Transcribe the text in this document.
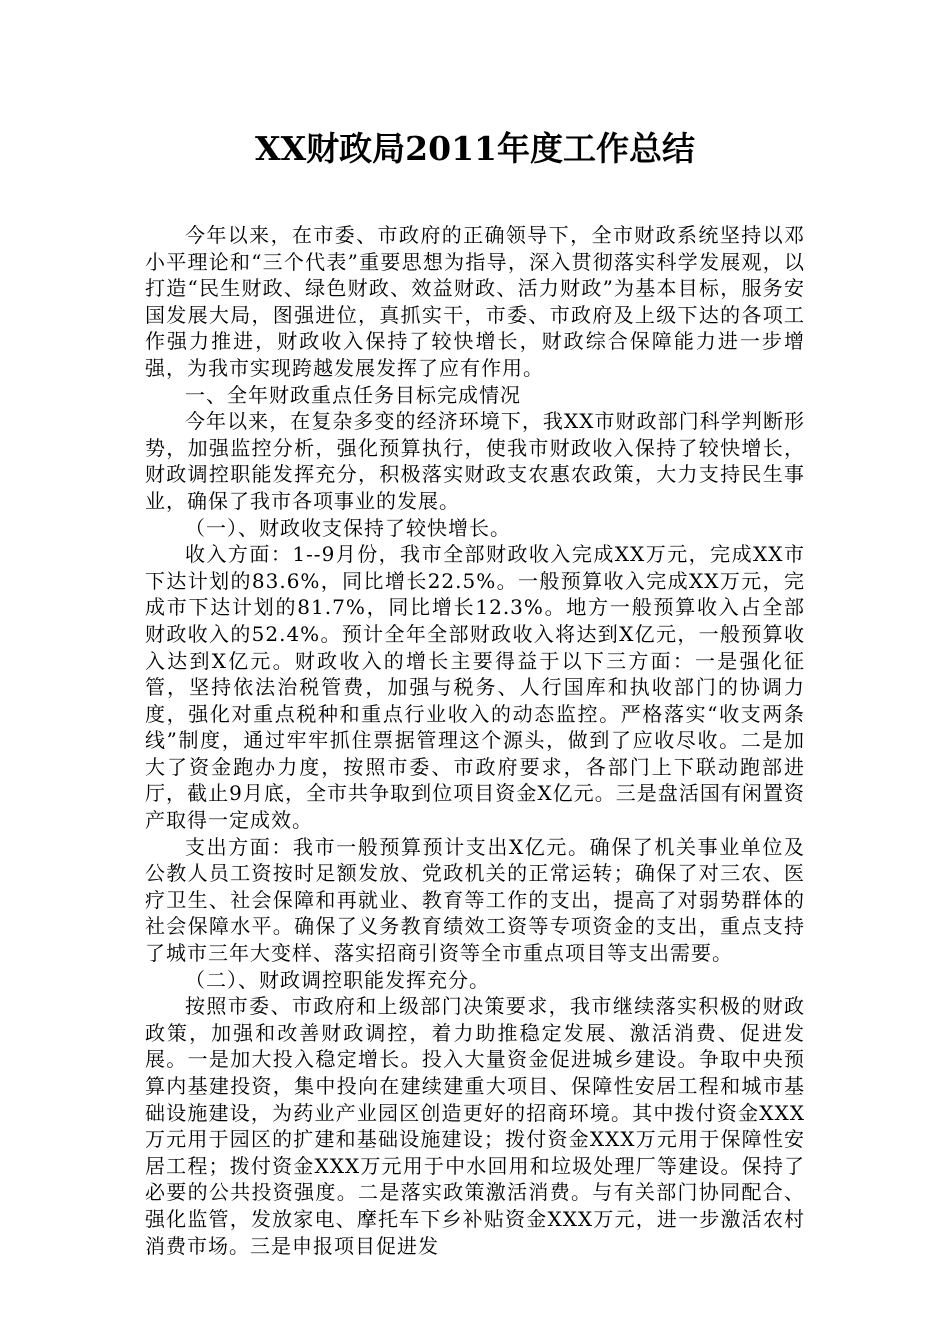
XX财政局2011年度工作总结

今年以来，在市委、市政府的正确领导下，全市财政系统坚持以邓小平理论和“三个代表”重要思想为指导，深入贯彻落实科学发展观，以打造“民生财政、绿色财政、效益财政、活力财政”为基本目标，服务安国发展大局，图强进位，真抓实干，市委、市政府及上级下达的各项工作强力推进，财政收入保持了较快增长，财政综合保障能力进一步增强，为我市实现跨越发展发挥了应有作用。

一、全年财政重点任务目标完成情况

今年以来，在复杂多变的经济环境下，我XX市财政部门科学判断形势，加强监控分析，强化预算执行，使我市财政收入保持了较快增长，财政调控职能发挥充分，积极落实财政支农惠农政策，大力支持民生事业，确保了我市各项事业的发展。

（一）、财政收支保持了较快增长。

收入方面：1--9月份，我市全部财政收入完成XX万元，完成XX市下达计划的83.6%，同比增长22.5%。一般预算收入完成XX万元，完成市下达计划的81.7%，同比增长12.3%。地方一般预算收入占全部财政收入的52.4%。预计全年全部财政收入将达到X亿元，一般预算收入达到X亿元。财政收入的增长主要得益于以下三方面：一是强化征管，坚持依法治税管费，加强与税务、人行国库和执收部门的协调力度，强化对重点税种和重点行业收入的动态监控。严格落实“收支两条线”制度，通过牢牢抓住票据管理这个源头，做到了应收尽收。二是加大了资金跑办力度，按照市委、市政府要求，各部门上下联动跑部进厅，截止9月底，全市共争取到位项目资金X亿元。三是盘活国有闲置资产取得一定成效。

支出方面：我市一般预算预计支出X亿元。确保了机关事业单位及公教人员工资按时足额发放、党政机关的正常运转；确保了对三农、医疗卫生、社会保障和再就业、教育等工作的支出，提高了对弱势群体的社会保障水平。确保了义务教育绩效工资等专项资金的支出，重点支持了城市三年大变样、落实招商引资等全市重点项目等支出需要。

（二）、财政调控职能发挥充分。

按照市委、市政府和上级部门决策要求，我市继续落实积极的财政政策，加强和改善财政调控，着力助推稳定发展、激活消费、促进发展。一是加大投入稳定增长。投入大量资金促进城乡建设。争取中央预算内基建投资，集中投向在建续建重大项目、保障性安居工程和城市基础设施建设，为药业产业园区创造更好的招商环境。其中拨付资金XXX万元用于园区的扩建和基础设施建设；拨付资金XXX万元用于保障性安居工程；拨付资金XXX万元用于中水回用和垃圾处理厂等建设。保持了必要的公共投资强度。二是落实政策激活消费。与有关部门协同配合、强化监管，发放家电、摩托车下乡补贴资金XXX万元，进一步激活农村消费市场。三是申报项目促进发
